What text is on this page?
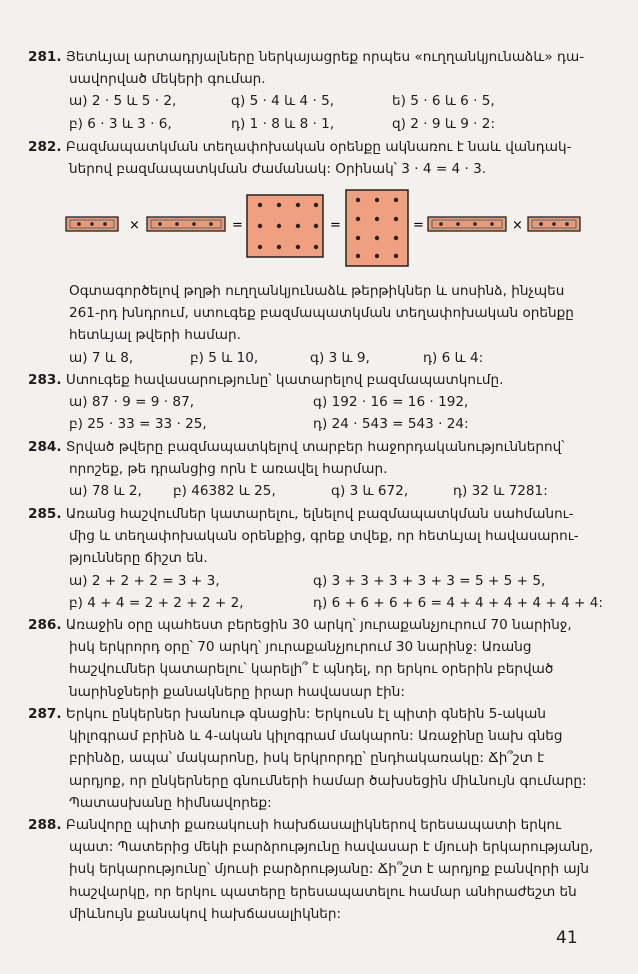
281. Յետևյալ արտադրյալները ներկայացրեք որպես «ուղղանկյունաձև» դա-
սավորված մեկերի գումար.
ա) 2 · 5 և 5 · 2,	գ) 5 · 4 և 4 · 5,	ե) 5 · 6 և 6 · 5,
բ) 6 · 3 և 3 · 6,	դ) 1 · 8 և 8 · 1,	զ) 2 · 9 և 9 · 2:
282. Բազմապատկման տեղափոխական օրենքը ակնառու է նաև վանդակ-
ներով բազմապատկման ժամանակ: Օրինակ՝ 3 · 4 = 4 · 3.
×	=	=	=	×
Օգտագործելով թղթի ուղղանկյունաձև թերթիկներ և սոսինձ, ինչպես
261-րդ խնդրում, ստուգեք բազմապատկման տեղափոխական օրենքը
հետևյալ թվերի համար.
ա) 7 և 8,	բ) 5 և 10,	գ) 3 և 9,	դ) 6 և 4:
283. Ստուգեք հավասարությունը՝ կատարելով բազմապատկումը.
ա) 87 · 9 = 9 · 87,	գ) 192 · 16 = 16 · 192,
բ) 25 · 33 = 33 · 25,	դ) 24 · 543 = 543 · 24:
284. Տրված թվերը բազմապատկելով տարբեր հաջորդականություններով՝
որոշեք, թե դրանցից որն է առավել հարմար.
ա) 78 և 2, բ) 46382 և 25,	գ) 3 և 672,	դ) 32 և 7281:
285. Առանց հաշվումներ կատարելու, ելնելով բազմապատկման սահմանու-
մից և տեղափոխական օրենքից, գրեք տվեք, որ հետևյալ հավասարու-
թյունները ճիշտ են.
ա) 2 + 2 + 2 = 3 + 3,	գ) 3 + 3 + 3 + 3 + 3 = 5 + 5 + 5,
բ) 4 + 4 = 2 + 2 + 2 + 2,	դ) 6 + 6 + 6 + 6 = 4 + 4 + 4 + 4 + 4 + 4:
286. Առաջին օրը պահեստ բերեցին 30 արկղ՝ յուրաքանչյուրում 70 նարինջ,
իսկ երկրորդ օրը՝ 70 արկղ՝ յուրաքանչյուրում 30 նարինջ: Առանց
հաշվումներ կատարելու՝ կարելի՞ է պնդել, որ երկու օրերին բերված
նարինջների քանակները իրար հավասար էին:
287. Երկու ընկերներ խանութ գնացին: Երկուսն էլ պիտի գնեին 5-ական
կիլոգրամ բրինձ և 4-ական կիլոգրամ մակարոն: Առաջինը նախ գնեց
բրինձը, ապա՝ մակարոնը, իսկ երկրորդը՝ ընդհակառակը: Ճի՞շտ է
արդյոք, որ ընկերները գնումների համար ծախսեցին միևնույն գումարը:
Պատասխանը հիմնավորեք:
288. Բանվորը պիտի քառակուսի հախճասալիկներով երեսապատի երկու
պատ: Պատերից մեկի բարձրությունը հավասար է մյուսի երկարությանը,
իսկ երկարությունը՝ մյուսի բարձրությանը: Ճի՞շտ է արդյոք բանվորի այն
հաշվարկը, որ երկու պատերը երեսապատելու համար անհրաժեշտ են
միևնույն քանակով հախճասալիկներ:
41
